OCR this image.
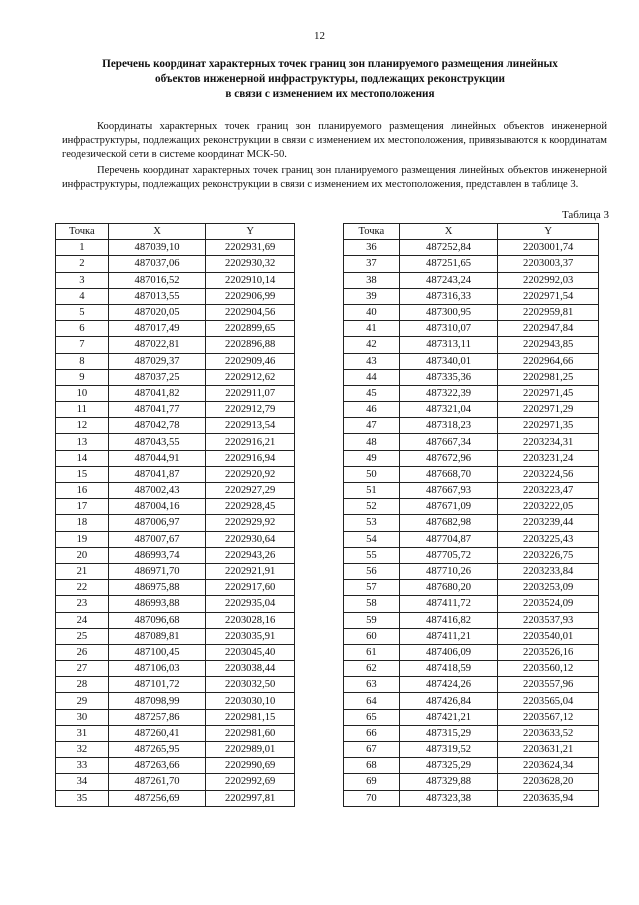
12
Перечень координат характерных точек границ зон планируемого размещения линейных
объектов инженерной инфраструктуры, подлежащих реконструкции
в связи с изменением их местоположения

Координаты характерных точек границ зон планируемого размещения линейных объектов инженерной инфраструктуры, подлежащих реконструкции в связи с изменением их местоположения, привязываются к координатам геодезической сети в системе координат МСК-50.

Перечень координат характерных точек границ зон планируемого размещения линейных объектов инженерной инфраструктуры, подлежащих реконструкции в связи с изменением их местоположения, представлен в таблице 3.

Таблица 3
Точка	X	Y
1	487039,10	2202931,69
2	487037,06	2202930,32
3	487016,52	2202910,14
4	487013,55	2202906,99
5	487020,05	2202904,56
6	487017,49	2202899,65
7	487022,81	2202896,88
8	487029,37	2202909,46
9	487037,25	2202912,62
10	487041,82	2202911,07
11	487041,77	2202912,79
12	487042,78	2202913,54
13	487043,55	2202916,21
14	487044,91	2202916,94
15	487041,87	2202920,92
16	487002,43	2202927,29
17	487004,16	2202928,45
18	487006,97	2202929,92
19	487007,67	2202930,64
20	486993,74	2202943,26
21	486971,70	2202921,91
22	486975,88	2202917,60
23	486993,88	2202935,04
24	487096,68	2203028,16
25	487089,81	2203035,91
26	487100,45	2203045,40
27	487106,03	2203038,44
28	487101,72	2203032,50
29	487098,99	2203030,10
30	487257,86	2202981,15
31	487260,41	2202981,60
32	487265,95	2202989,01
33	487263,66	2202990,69
34	487261,70	2202992,69
35	487256,69	2202997,81
Точка	X	Y
36	487252,84	2203001,74
37	487251,65	2203003,37
38	487243,24	2202992,03
39	487316,33	2202971,54
40	487300,95	2202959,81
41	487310,07	2202947,84
42	487313,11	2202943,85
43	487340,01	2202964,66
44	487335,36	2202981,25
45	487322,39	2202971,45
46	487321,04	2202971,29
47	487318,23	2202971,35
48	487667,34	2203234,31
49	487672,96	2203231,24
50	487668,70	2203224,56
51	487667,93	2203223,47
52	487671,09	2203222,05
53	487682,98	2203239,44
54	487704,87	2203225,43
55	487705,72	2203226,75
56	487710,26	2203233,84
57	487680,20	2203253,09
58	487411,72	2203524,09
59	487416,82	2203537,93
60	487411,21	2203540,01
61	487406,09	2203526,16
62	487418,59	2203560,12
63	487424,26	2203557,96
64	487426,84	2203565,04
65	487421,21	2203567,12
66	487315,29	2203633,52
67	487319,52	2203631,21
68	487325,29	2203624,34
69	487329,88	2203628,20
70	487323,38	2203635,94
